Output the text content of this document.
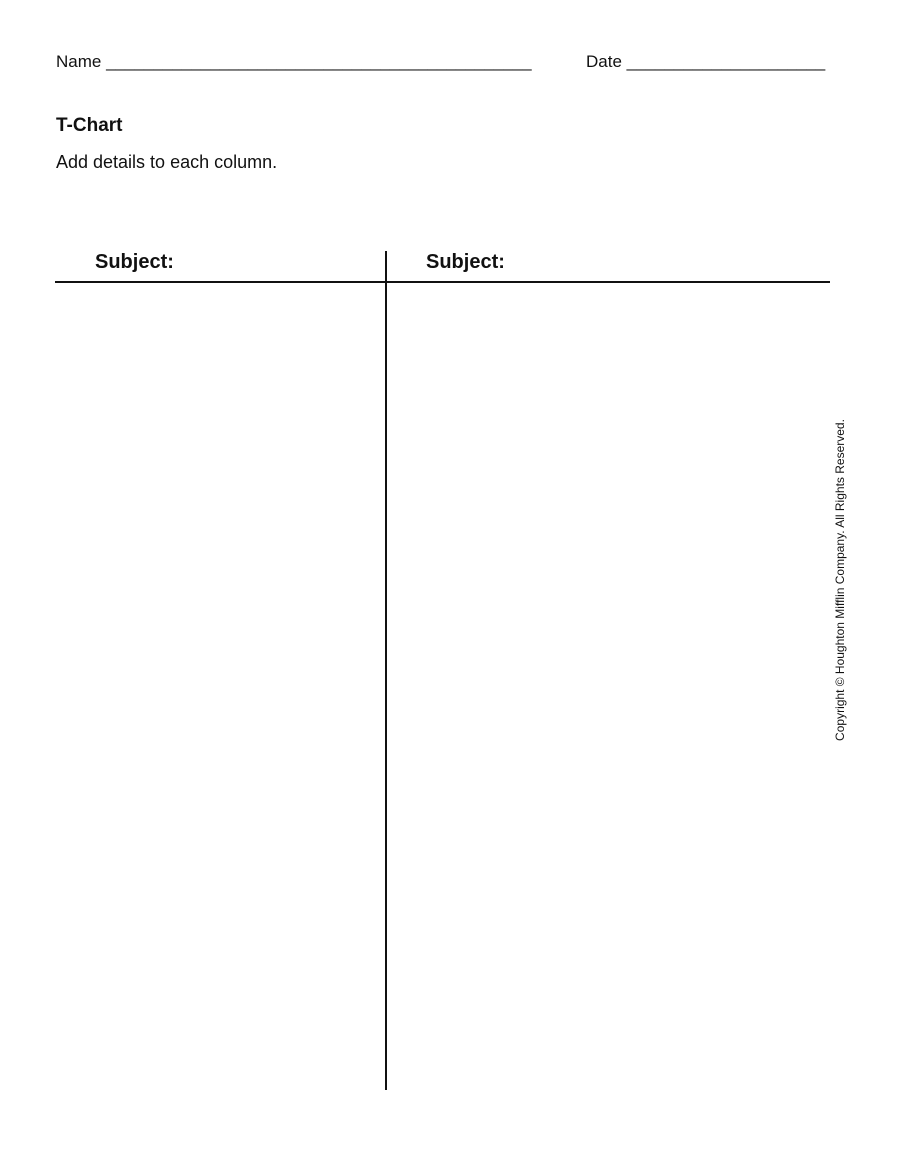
Name _____________________________________________	Date _____________________
T-Chart
Add details to each column.
Subject:	Subject:
Copyright © Houghton Mifflin Company. All Rights Reserved.
